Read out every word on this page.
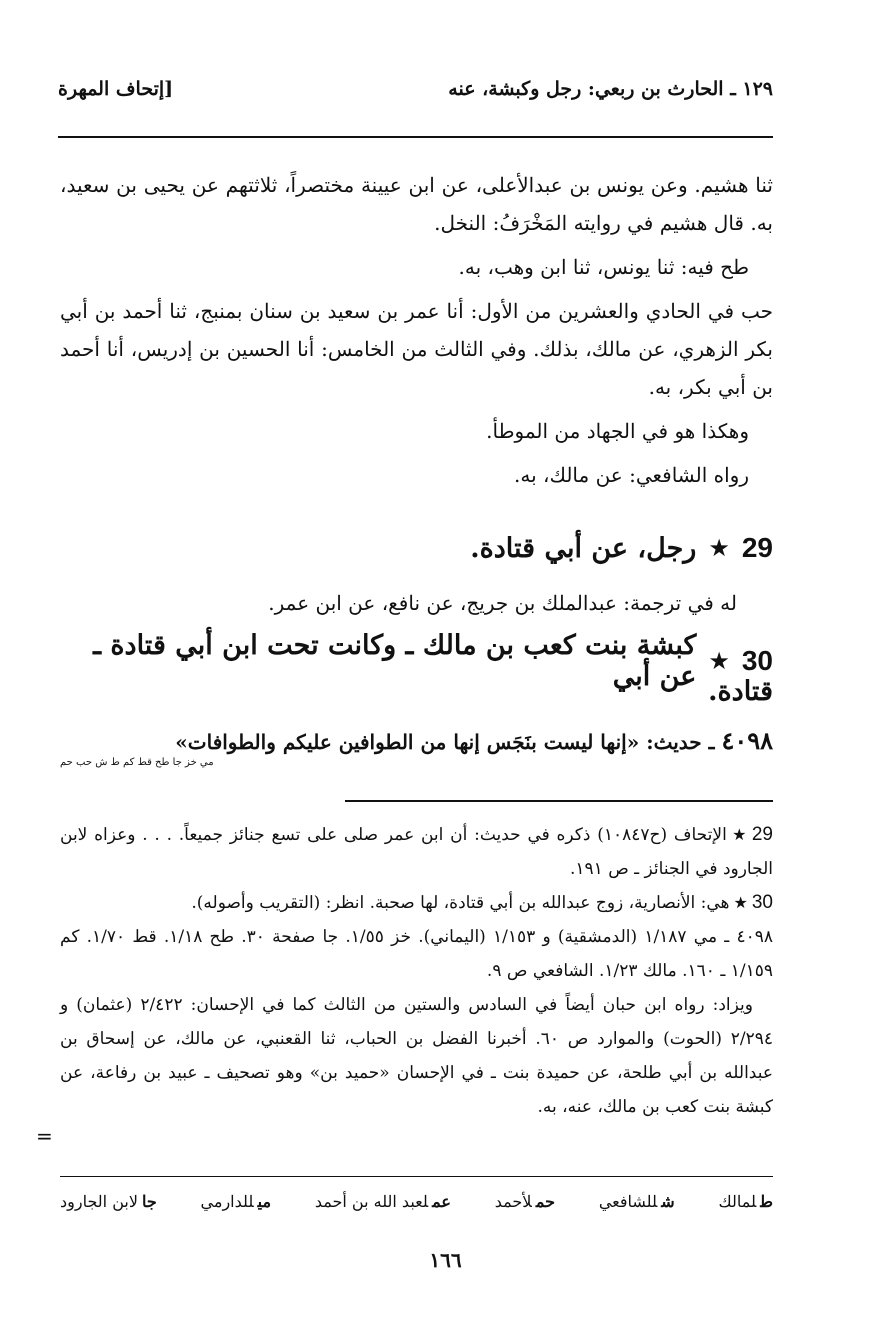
١٢٩ ـ الحارث بن ربعي: رجل وكبشة، عنه
[إتحاف المهرة
ثنا هشيم. وعن يونس بن عبدالأعلى، عن ابن عيينة مختصراً، ثلاثتهم عن يحيى بن سعيد، به. قال هشيم في روايته المَخْرَفُ: النخل.
طح فيه: ثنا يونس، ثنا ابن وهب، به.
حب في الحادي والعشرين من الأول: أنا عمر بن سعيد بن سنان بمنبج، ثنا أحمد بن أبي بكر الزهري، عن مالك، بذلك. وفي الثالث من الخامس: أنا الحسين بن إدريس، أنا أحمد بن أبي بكر، به.
وهكذا هو في الجهاد من الموطأ.
رواه الشافعي: عن مالك، به.
29
★
رجل، عن أبي قتادة.
له في ترجمة: عبدالملك بن جريج، عن نافع، عن ابن عمر.
30
★
كبشة بنت كعب بن مالك ـ وكانت تحت ابن أبي قتادة ـ عن أبي قتادة.
٤٠٩٨ ـ حديث: «إنها ليست بنَجَس إنها من الطوافين عليكم والطوافات»
مي خز جا طح قط كم ط ش حب حم

29★الإتحاف (ح١٠٨٤٧) ذكره في حديث: أن ابن عمر صلى على تسع جنائز جميعاً. . . . وعزاه لابن الجارود في الجنائز ـ ص ١٩١.

30★هي: الأنصارية، زوج عبدالله بن أبي قتادة، لها صحبة. انظر: (التقريب وأصوله).

٤٠٩٨ ـ مي ١/١٨٧ (الدمشقية) و ١/١٥٣ (اليماني). خز ١/٥٥. جا صفحة ٣٠. طح ١/١٨. قط ١/٧٠. كم ١/١٥٩ ـ ١٦٠. مالك ١/٢٣. الشافعي ص ٩.

ويزاد: رواه ابن حبان أيضاً في السادس والستين من الثالث كما في الإحسان: ٢/٤٢٢ (عثمان) و ٢/٢٩٤ (الحوت) والموارد ص ٦٠. أخبرنا الفضل بن الحباب، ثنا القعنبي، عن مالك، عن إسحاق بن عبدالله بن أبي طلحة، عن حميدة بنت ـ في الإحسان «حميد بن» وهو تصحيف ـ عبيد بن رفاعة، عن كبشة بنت كعب بن مالك، عنه، به.

=
طلمالك
شللشافعي
حملأحمد
عملعبد الله بن أحمد
ميللدارمي
جالابن الجارود
١٦٦
